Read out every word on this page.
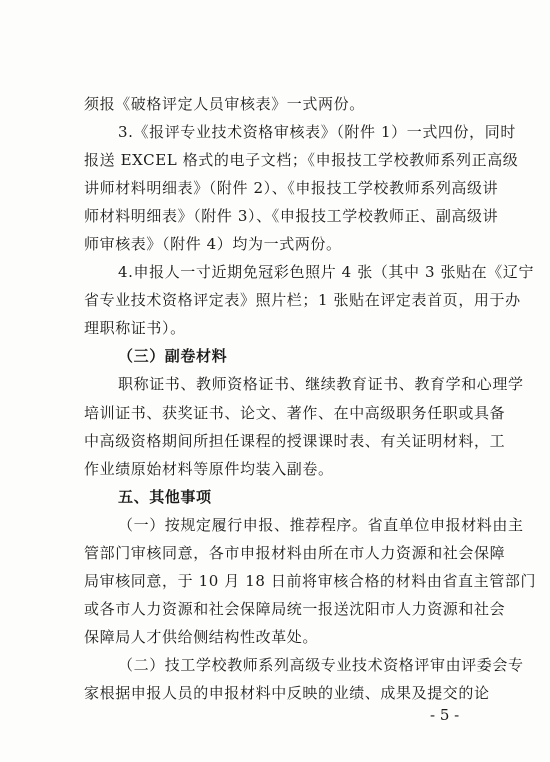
须报《破格评定人员审核表》一式两份。
3.《报评专业技术资格审核表》（附件 1）一式四份，同时
报送 EXCEL 格式的电子文档；《申报技工学校教师系列正高级
讲师材料明细表》（附件 2）、《申报技工学校教师系列高级讲
师材料明细表》（附件 3）、《申报技工学校教师正、副高级讲
师审核表》（附件 4）均为一式两份。
4.申报人一寸近期免冠彩色照片 4 张（其中 3 张贴在《辽宁
省专业技术资格评定表》照片栏；1 张贴在评定表首页，用于办
理职称证书）。
（三）副卷材料
职称证书、教师资格证书、继续教育证书、教育学和心理学
培训证书、获奖证书、论文、著作、在中高级职务任职或具备
中高级资格期间所担任课程的授课课时表、有关证明材料，工
作业绩原始材料等原件均装入副卷。
五、其他事项
（一）按规定履行申报、推荐程序。省直单位申报材料由主
管部门审核同意，各市申报材料由所在市人力资源和社会保障
局审核同意，于 10 月 18 日前将审核合格的材料由省直主管部门
或各市人力资源和社会保障局统一报送沈阳市人力资源和社会
保障局人才供给侧结构性改革处。
（二）技工学校教师系列高级专业技术资格评审由评委会专
家根据申报人员的申报材料中反映的业绩、成果及提交的论
- 5 -
